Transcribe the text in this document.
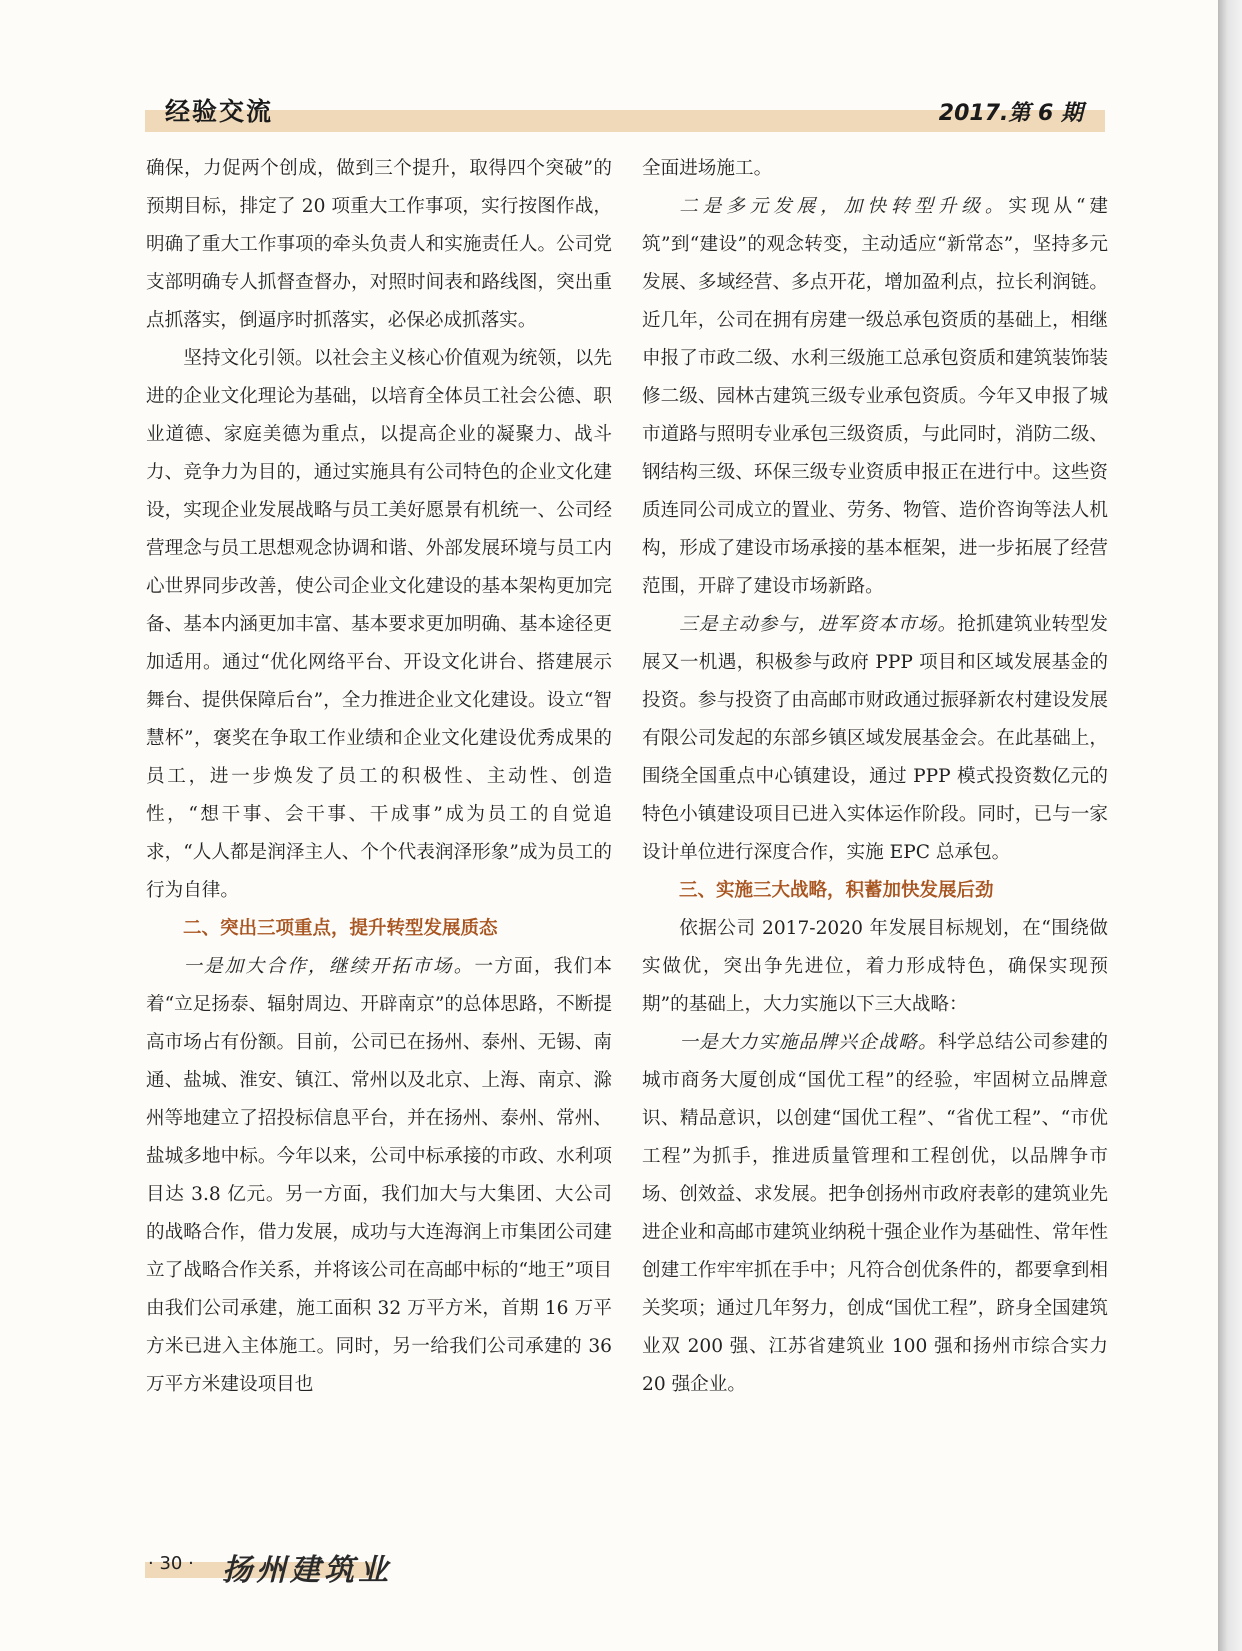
经验交流	2017.第 6 期

确保，力促两个创成，做到三个提升，取得四个突破”的预期目标，排定了 20 项重大工作事项，实行按图作战，明确了重大工作事项的牵头负责人和实施责任人。公司党支部明确专人抓督查督办，对照时间表和路线图，突出重点抓落实，倒逼序时抓落实，必保必成抓落实。

坚持文化引领。以社会主义核心价值观为统领，以先进的企业文化理论为基础，以培育全体员工社会公德、职业道德、家庭美德为重点，以提高企业的凝聚力、战斗力、竞争力为目的，通过实施具有公司特色的企业文化建设，实现企业发展战略与员工美好愿景有机统一、公司经营理念与员工思想观念协调和谐、外部发展环境与员工内心世界同步改善，使公司企业文化建设的基本架构更加完备、基本内涵更加丰富、基本要求更加明确、基本途径更加适用。通过“优化网络平台、开设文化讲台、搭建展示舞台、提供保障后台”，全力推进企业文化建设。设立“智慧杯”，褒奖在争取工作业绩和企业文化建设优秀成果的员工，进一步焕发了员工的积极性、主动性、创造性，“想干事、会干事、干成事”成为员工的自觉追求，“人人都是润泽主人、个个代表润泽形象”成为员工的行为自律。

二、突出三项重点，提升转型发展质态

一是加大合作，继续开拓市场。一方面，我们本着“立足扬泰、辐射周边、开辟南京”的总体思路，不断提高市场占有份额。目前，公司已在扬州、泰州、无锡、南通、盐城、淮安、镇江、常州以及北京、上海、南京、滁州等地建立了招投标信息平台，并在扬州、泰州、常州、盐城多地中标。今年以来，公司中标承接的市政、水利项目达 3.8 亿元。另一方面，我们加大与大集团、大公司的战略合作，借力发展，成功与大连海润上市集团公司建立了战略合作关系，并将该公司在高邮中标的“地王”项目由我们公司承建，施工面积 32 万平方米，首期 16 万平方米已进入主体施工。同时，另一给我们公司承建的 36 万平方米建设项目也

全面进场施工。

二是多元发展，加快转型升级。实现从“建筑”到“建设”的观念转变，主动适应“新常态”，坚持多元发展、多域经营、多点开花，增加盈利点，拉长利润链。近几年，公司在拥有房建一级总承包资质的基础上，相继申报了市政二级、水利三级施工总承包资质和建筑装饰装修二级、园林古建筑三级专业承包资质。今年又申报了城市道路与照明专业承包三级资质，与此同时，消防二级、钢结构三级、环保三级专业资质申报正在进行中。这些资质连同公司成立的置业、劳务、物管、造价咨询等法人机构，形成了建设市场承接的基本框架，进一步拓展了经营范围，开辟了建设市场新路。

三是主动参与，进军资本市场。抢抓建筑业转型发展又一机遇，积极参与政府 PPP 项目和区域发展基金的投资。参与投资了由高邮市财政通过振驿新农村建设发展有限公司发起的东部乡镇区域发展基金会。在此基础上，围绕全国重点中心镇建设，通过 PPP 模式投资数亿元的特色小镇建设项目已进入实体运作阶段。同时，已与一家设计单位进行深度合作，实施 EPC 总承包。

三、实施三大战略，积蓄加快发展后劲

依据公司 2017-2020 年发展目标规划，在“围绕做实做优，突出争先进位，着力形成特色，确保实现预期”的基础上，大力实施以下三大战略：

一是大力实施品牌兴企战略。科学总结公司参建的城市商务大厦创成“国优工程”的经验，牢固树立品牌意识、精品意识，以创建“国优工程”、“省优工程”、“市优工程”为抓手，推进质量管理和工程创优，以品牌争市场、创效益、求发展。把争创扬州市政府表彰的建筑业先进企业和高邮市建筑业纳税十强企业作为基础性、常年性创建工作牢牢抓在手中；凡符合创优条件的，都要拿到相关奖项；通过几年努力，创成“国优工程”，跻身全国建筑业双 200 强、江苏省建筑业 100 强和扬州市综合实力 20 强企业。

· 30 · 扬州建筑业
